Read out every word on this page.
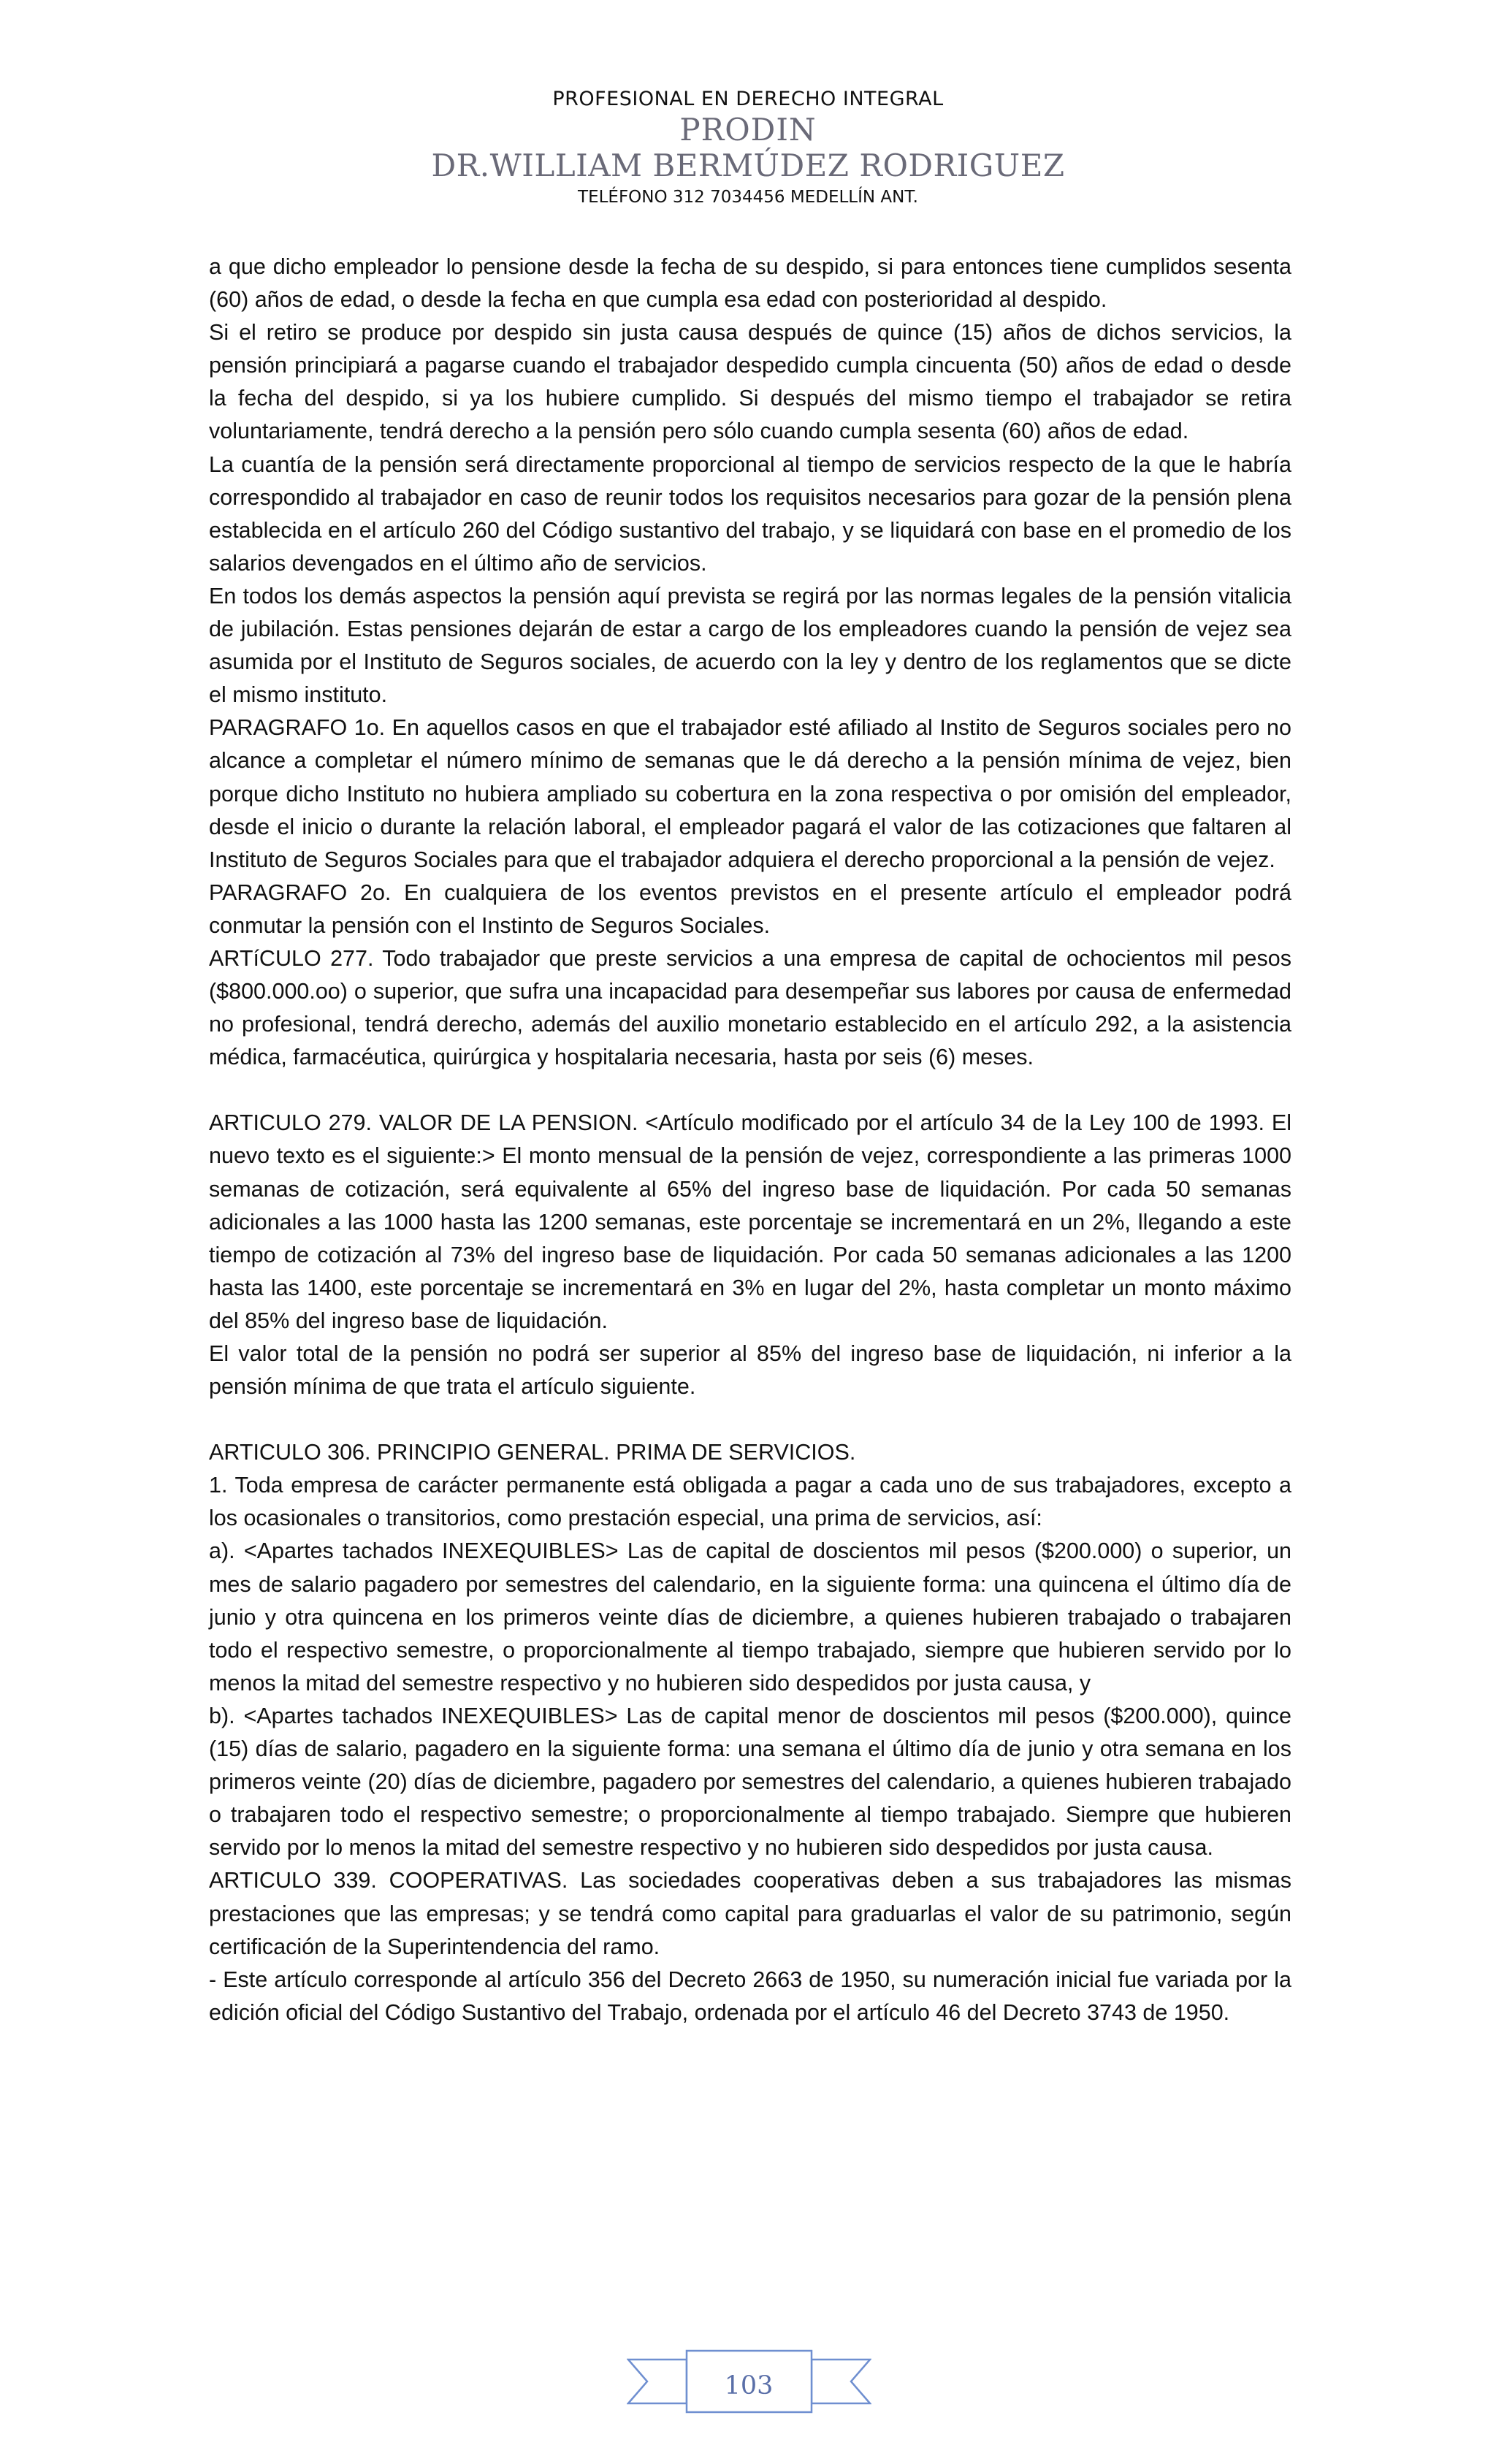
PROFESIONAL EN DERECHO INTEGRAL
PRODIN
DR.WILLIAM BERMÚDEZ RODRIGUEZ
TELÉFONO 312 7034456 MEDELLÍN ANT.

a que dicho empleador lo pensione desde la fecha de su despido, si para entonces tiene cumplidos sesenta (60) años de edad, o desde la fecha en que cumpla esa edad con posterioridad al despido.

Si el retiro se produce por despido sin justa causa después de quince (15) años de dichos servicios, la pensión principiará a pagarse cuando el trabajador despedido cumpla cincuenta (50) años de edad o desde la fecha del despido, si ya los hubiere cumplido. Si después del mismo tiempo el trabajador se retira voluntariamente, tendrá derecho a la pensión pero sólo cuando cumpla sesenta (60) años de edad.

La cuantía de la pensión será directamente proporcional al tiempo de servicios respecto de la que le habría correspondido al trabajador en caso de reunir todos los requisitos necesarios para gozar de la pensión plena establecida en el artículo 260 del Código sustantivo del trabajo, y se liquidará con base en el promedio de los salarios devengados en el último año de servicios.

En todos los demás aspectos la pensión aquí prevista se regirá por las normas legales de la pensión vitalicia de jubilación. Estas pensiones dejarán de estar a cargo de los empleadores cuando la pensión de vejez sea asumida por el Instituto de Seguros sociales, de acuerdo con la ley y dentro de los reglamentos que se dicte el mismo instituto.

PARAGRAFO 1o. En aquellos casos en que el trabajador esté afiliado al Instito de Seguros sociales pero no alcance a completar el número mínimo de semanas que le dá derecho a la pensión mínima de vejez, bien porque dicho Instituto no hubiera ampliado su cobertura en la zona respectiva o por omisión del empleador, desde el inicio o durante la relación laboral, el empleador pagará el valor de las cotizaciones que faltaren al Instituto de Seguros Sociales para que el trabajador adquiera el derecho proporcional a la pensión de vejez.

PARAGRAFO 2o. En cualquiera de los eventos previstos en el presente artículo el empleador podrá conmutar la pensión con el Instinto de Seguros Sociales.

ARTíCULO 277. Todo trabajador que preste servicios a una empresa de capital de ochocientos mil pesos ($800.000.oo) o superior, que sufra una incapacidad para desempeñar sus labores por causa de enfermedad no profesional, tendrá derecho, además del auxilio monetario establecido en el artículo 292, a la asistencia médica, farmacéutica, quirúrgica y hospitalaria necesaria, hasta por seis (6) meses.

ARTICULO 279. VALOR DE LA PENSION. <Artículo modificado por el artículo 34 de la Ley 100 de 1993. El nuevo texto es el siguiente:> El monto mensual de la pensión de vejez, correspondiente a las primeras 1000 semanas de cotización, será equivalente al 65% del ingreso base de liquidación. Por cada 50 semanas adicionales a las 1000 hasta las 1200 semanas, este porcentaje se incrementará en un 2%, llegando a este tiempo de cotización al 73% del ingreso base de liquidación. Por cada 50 semanas adicionales a las 1200 hasta las 1400, este porcentaje se incrementará en 3% en lugar del 2%, hasta completar un monto máximo del 85% del ingreso base de liquidación.

El valor total de la pensión no podrá ser superior al 85% del ingreso base de liquidación, ni inferior a la pensión mínima de que trata el artículo siguiente.

ARTICULO 306. PRINCIPIO GENERAL. PRIMA DE SERVICIOS.

1. Toda empresa de carácter permanente está obligada a pagar a cada uno de sus trabajadores, excepto a los ocasionales o transitorios, como prestación especial, una prima de servicios, así:

a). <Apartes tachados INEXEQUIBLES> Las de capital de doscientos mil pesos ($200.000) o superior, un mes de salario pagadero por semestres del calendario, en la siguiente forma: una quincena el último día de junio y otra quincena en los primeros veinte días de diciembre, a quienes hubieren trabajado o trabajaren todo el respectivo semestre, o proporcionalmente al tiempo trabajado, siempre que hubieren servido por lo menos la mitad del semestre respectivo y no hubieren sido despedidos por justa causa, y

b). <Apartes tachados INEXEQUIBLES> Las de capital menor de doscientos mil pesos ($200.000), quince (15) días de salario, pagadero en la siguiente forma: una semana el último día de junio y otra semana en los primeros veinte (20) días de diciembre, pagadero por semestres del calendario, a quienes hubieren trabajado o trabajaren todo el respectivo semestre; o proporcionalmente al tiempo trabajado. Siempre que hubieren servido por lo menos la mitad del semestre respectivo y no hubieren sido despedidos por justa causa.

ARTICULO 339. COOPERATIVAS. Las sociedades cooperativas deben a sus trabajadores las mismas prestaciones que las empresas; y se tendrá como capital para graduarlas el valor de su patrimonio, según certificación de la Superintendencia del ramo.

- Este artículo corresponde al artículo 356 del Decreto 2663 de 1950, su numeración inicial fue variada por la edición oficial del Código Sustantivo del Trabajo, ordenada por el artículo 46 del Decreto 3743 de 1950.

103
